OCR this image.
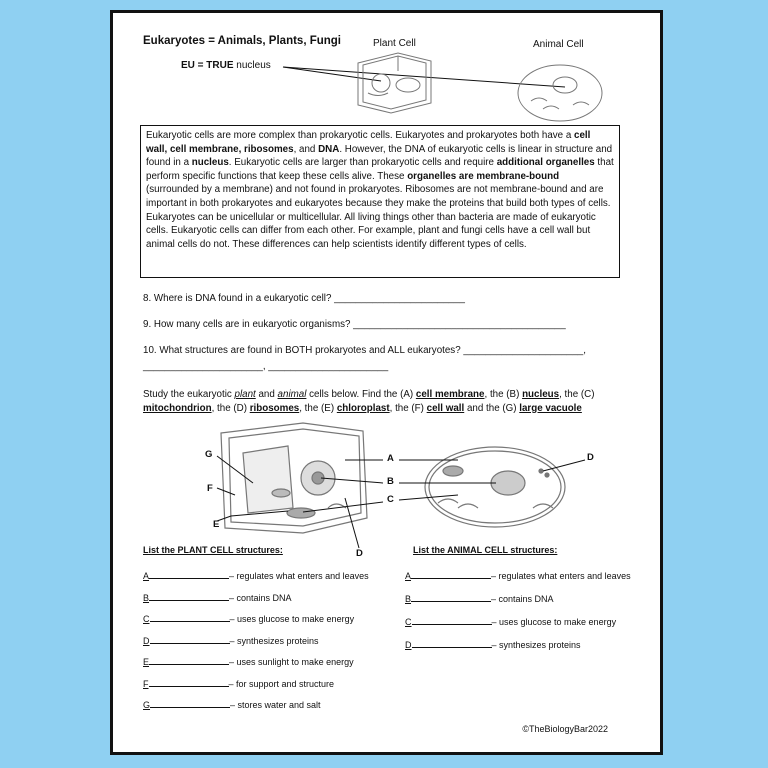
Eukaryotes = Animals, Plants, Fungi
EU = TRUE nucleus
Plant Cell	Animal Cell
G
F
E
A
B
C
D
D
Eukaryotic cells are more complex than prokaryotic cells. Eukaryotes and prokaryotes both have a cell wall, cell membrane, ribosomes, and DNA. However, the DNA of eukaryotic cells is linear in structure and found in a nucleus. Eukaryotic cells are larger than prokaryotic cells and require additional organelles that perform specific functions that keep these cells alive. These organelles are membrane-bound (surrounded by a membrane) and not found in prokaryotes. Ribosomes are not membrane-bound and are important in both prokaryotes and eukaryotes because they make the proteins that build both types of cells. Eukaryotes can be unicellular or multicellular. All living things other than bacteria are made of eukaryotic cells. Eukaryotic cells can differ from each other. For example, plant and fungi cells have a cell wall but animal cells do not. These differences can help scientists identify different types of cells.
8. Where is DNA found in a eukaryotic cell? ________________________
9. How many cells are in eukaryotic organisms? _______________________________________
10. What structures are found in BOTH prokaryotes and ALL eukaryotes? ______________________,
______________________, ______________________
Study the eukaryotic plant and animal cells below. Find the (A) cell membrane, the (B) nucleus, the (C) mitochondrion, the (D) ribosomes, the (E) chloroplast, the (F) cell wall and the (G) large vacuole
List the PLANT CELL structures:
A	– regulates what enters and leaves
B	– contains DNA
C	– uses glucose to make energy
D	– synthesizes proteins
E	– uses sunlight to make energy
F	– for support and structure
G	– stores water and salt
List the ANIMAL CELL structures:
A	– regulates what enters and leaves
B	– contains DNA
C	– uses glucose to make energy
D	– synthesizes proteins
©TheBiologyBar2022
